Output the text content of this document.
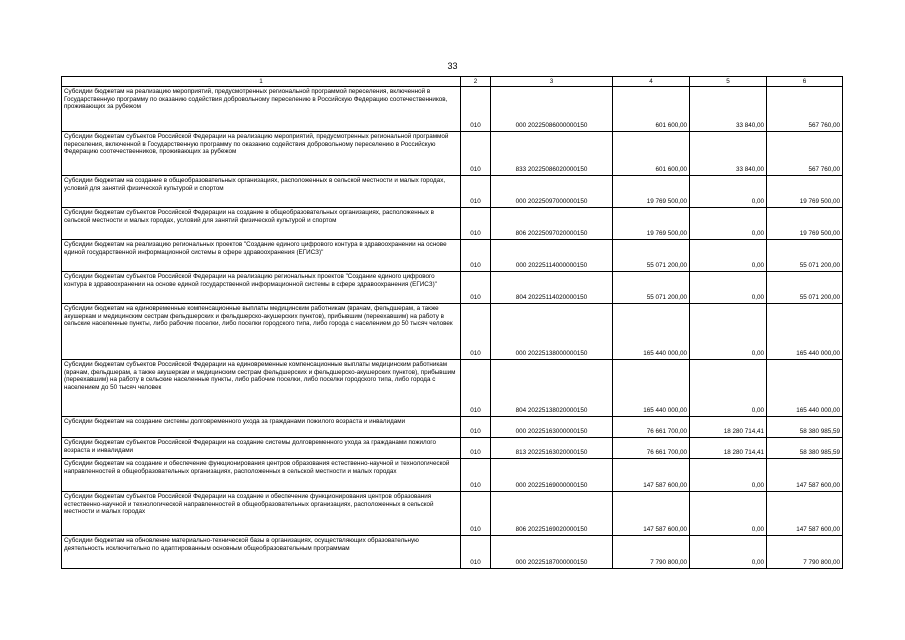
33
1	2	3	4	5	6
Субсидии бюджетам на реализацию мероприятий, предусмотренных региональной программой переселения, включенной в Государственную программу по оказанию содействия добровольному переселению в Российскую Федерацию соотечественников, проживающих за рубежом	010	000 20225086000000150	601 600,00	33 840,00	567 760,00
Субсидии бюджетам субъектов Российской Федерации на реализацию мероприятий, предусмотренных региональной программой переселения, включенной в Государственную программу по оказанию содействия добровольному переселению в Российскую Федерацию соотечественников, проживающих за рубежом	010	833 20225086020000150	601 600,00	33 840,00	567 760,00
Субсидии бюджетам на создание в общеобразовательных организациях, расположенных в сельской местности и малых городах, условий для занятий физической культурой и спортом	010	000 20225097000000150	19 769 500,00	0,00	19 769 500,00
Субсидии бюджетам субъектов Российской Федерации на создание в общеобразовательных организациях, расположенных в сельской местности и малых городах, условий для занятий физической культурой и спортом	010	806 20225097020000150	19 769 500,00	0,00	19 769 500,00
Субсидии бюджетам на реализацию региональных проектов "Создание единого цифрового контура в здравоохранении на основе единой государственной информационной системы в сфере здравоохранения (ЕГИСЗ)"	010	000 20225114000000150	55 071 200,00	0,00	55 071 200,00
Субсидии бюджетам субъектов Российской Федерации на реализацию региональных проектов "Создание единого цифрового контура в здравоохранении на основе единой государственной информационной системы в сфере здравоохранения (ЕГИСЗ)"	010	804 20225114020000150	55 071 200,00	0,00	55 071 200,00
Субсидии бюджетам на единовременные компенсационные выплаты медицинским работникам (врачам, фельдшерам, а также акушеркам и медицинским сестрам фельдшерских и фельдшерско-акушерских пунктов), прибывшим (переехавшим) на работу в сельские населенные пункты, либо рабочие поселки, либо поселки городского типа, либо города с населением до 50 тысяч человек	010	000 20225138000000150	165 440 000,00	0,00	165 440 000,00
Субсидии бюджетам субъектов Российской Федерации на единовременные компенсационные выплаты медицинским работникам (врачам, фельдшерам, а также акушеркам и медицинским сестрам фельдшерских и фельдшерско-акушерских пунктов), прибывшим (переехавшим) на работу в сельские населенные пункты, либо рабочие поселки, либо поселки городского типа, либо города с населением до 50 тысяч человек	010	804 20225138020000150	165 440 000,00	0,00	165 440 000,00
Субсидии бюджетам на создание системы долговременного ухода за гражданами пожилого возраста и инвалидами	010	000 20225163000000150	76 661 700,00	18 280 714,41	58 380 985,59
Субсидии бюджетам субъектов Российской Федерации на создание системы долговременного ухода за гражданами пожилого возраста и инвалидами	010	813 20225163020000150	76 661 700,00	18 280 714,41	58 380 985,59
Субсидии бюджетам на создание и обеспечение функционирования центров образования естественно-научной и технологической направленностей в общеобразовательных организациях, расположенных в сельской местности и малых городах	010	000 20225169000000150	147 587 600,00	0,00	147 587 600,00
Субсидии бюджетам субъектов Российской Федерации на создание и обеспечение функционирования центров образования естественно-научной и технологической направленностей в общеобразовательных организациях, расположенных в сельской местности и малых городах	010	806 20225169020000150	147 587 600,00	0,00	147 587 600,00
Субсидии бюджетам на обновление материально-технической базы в организациях, осуществляющих образовательную деятельность исключительно по адаптированным основным общеобразовательным программам	010	000 20225187000000150	7 790 800,00	0,00	7 790 800,00
